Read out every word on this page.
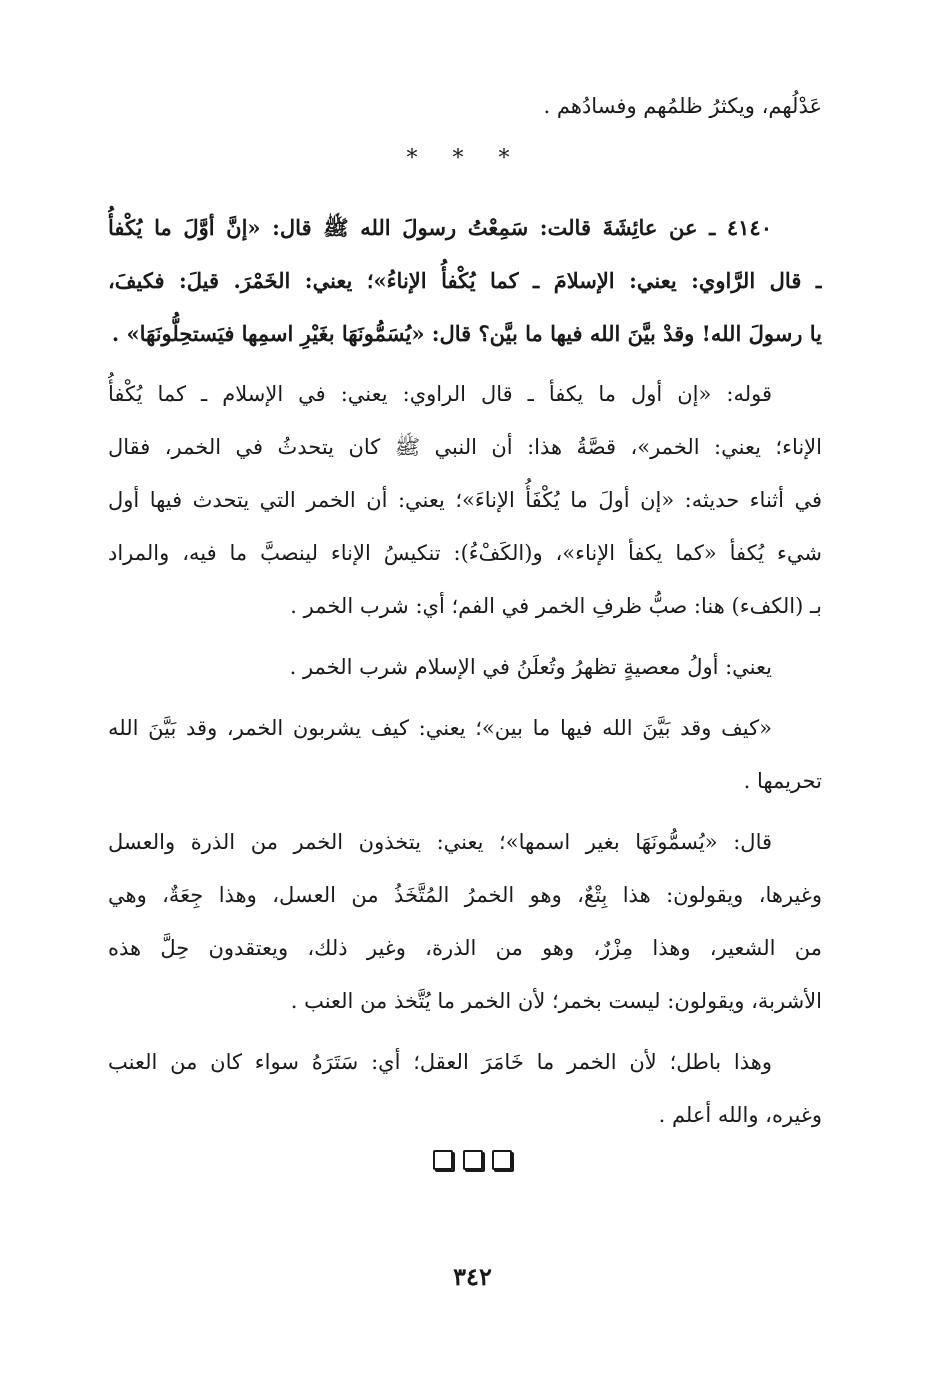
عَدْلُهم، ويكثرُ ظلمُهم وفسادُهم .
* * *
٤١٤٠ ـ عن عائِشَةَ قالت: سَمِعْتُ رسولَ الله ﷺ قال: «إنَّ أوَّلَ ما يُكْفأُ
ـ قال الرَّاوي: يعني: الإسلامَ ـ كما يُكْفأُ الإناءُ»؛ يعني: الخَمْرَ. قيلَ: فكيفَ،
يا رسولَ الله! وقدْ بيَّنَ الله فيها ما بيَّن؟ قال: «يُسَمُّونَهَا بغَيْرِ اسمِها فيَستحِلُّونَهَا» .
قوله: «إن أول ما يكفأ ـ قال الراوي: يعني: في الإسلام ـ كما يُكْفأُ
الإناء؛ يعني: الخمر»، قصَّةُ هذا: أن النبي ﷺ كان يتحدثُ في الخمر، فقال
في أثناء حديثه: «إن أولَ ما يُكْفَأُ الإناءَ»؛ يعني: أن الخمر التي يتحدث فيها أول
شيء يُكفأ «كما يكفأ الإناء»، و(الكَفْءُ): تنكيسُ الإناء لينصبَّ ما فيه، والمراد
بـ (الكفء) هنا: صبُّ ظرفِ الخمر في الفم؛ أي: شرب الخمر .
يعني: أولُ معصيةٍ تظهرُ وتُعلَنُ في الإسلام شرب الخمر .
«كيف وقد بَيَّنَ الله فيها ما بين»؛ يعني: كيف يشربون الخمر، وقد بَيَّنَ الله
تحريمها .
قال: «يُسمُّونَهَا بغير اسمها»؛ يعني: يتخذون الخمر من الذرة والعسل
وغيرها، ويقولون: هذا بِتْعٌ، وهو الخمرُ المُتَّخَذُ من العسل، وهذا جِعَةٌ، وهي
من الشعير، وهذا مِزْرٌ، وهو من الذرة، وغير ذلك، ويعتقدون حِلَّ هذه
الأشربة، ويقولون: ليست بخمر؛ لأن الخمر ما يُتَّخذ من العنب .
وهذا باطل؛ لأن الخمر ما خَامَرَ العقل؛ أي: سَتَرَهُ سواء كان من العنب
وغيره، والله أعلم .

٣٤٢
